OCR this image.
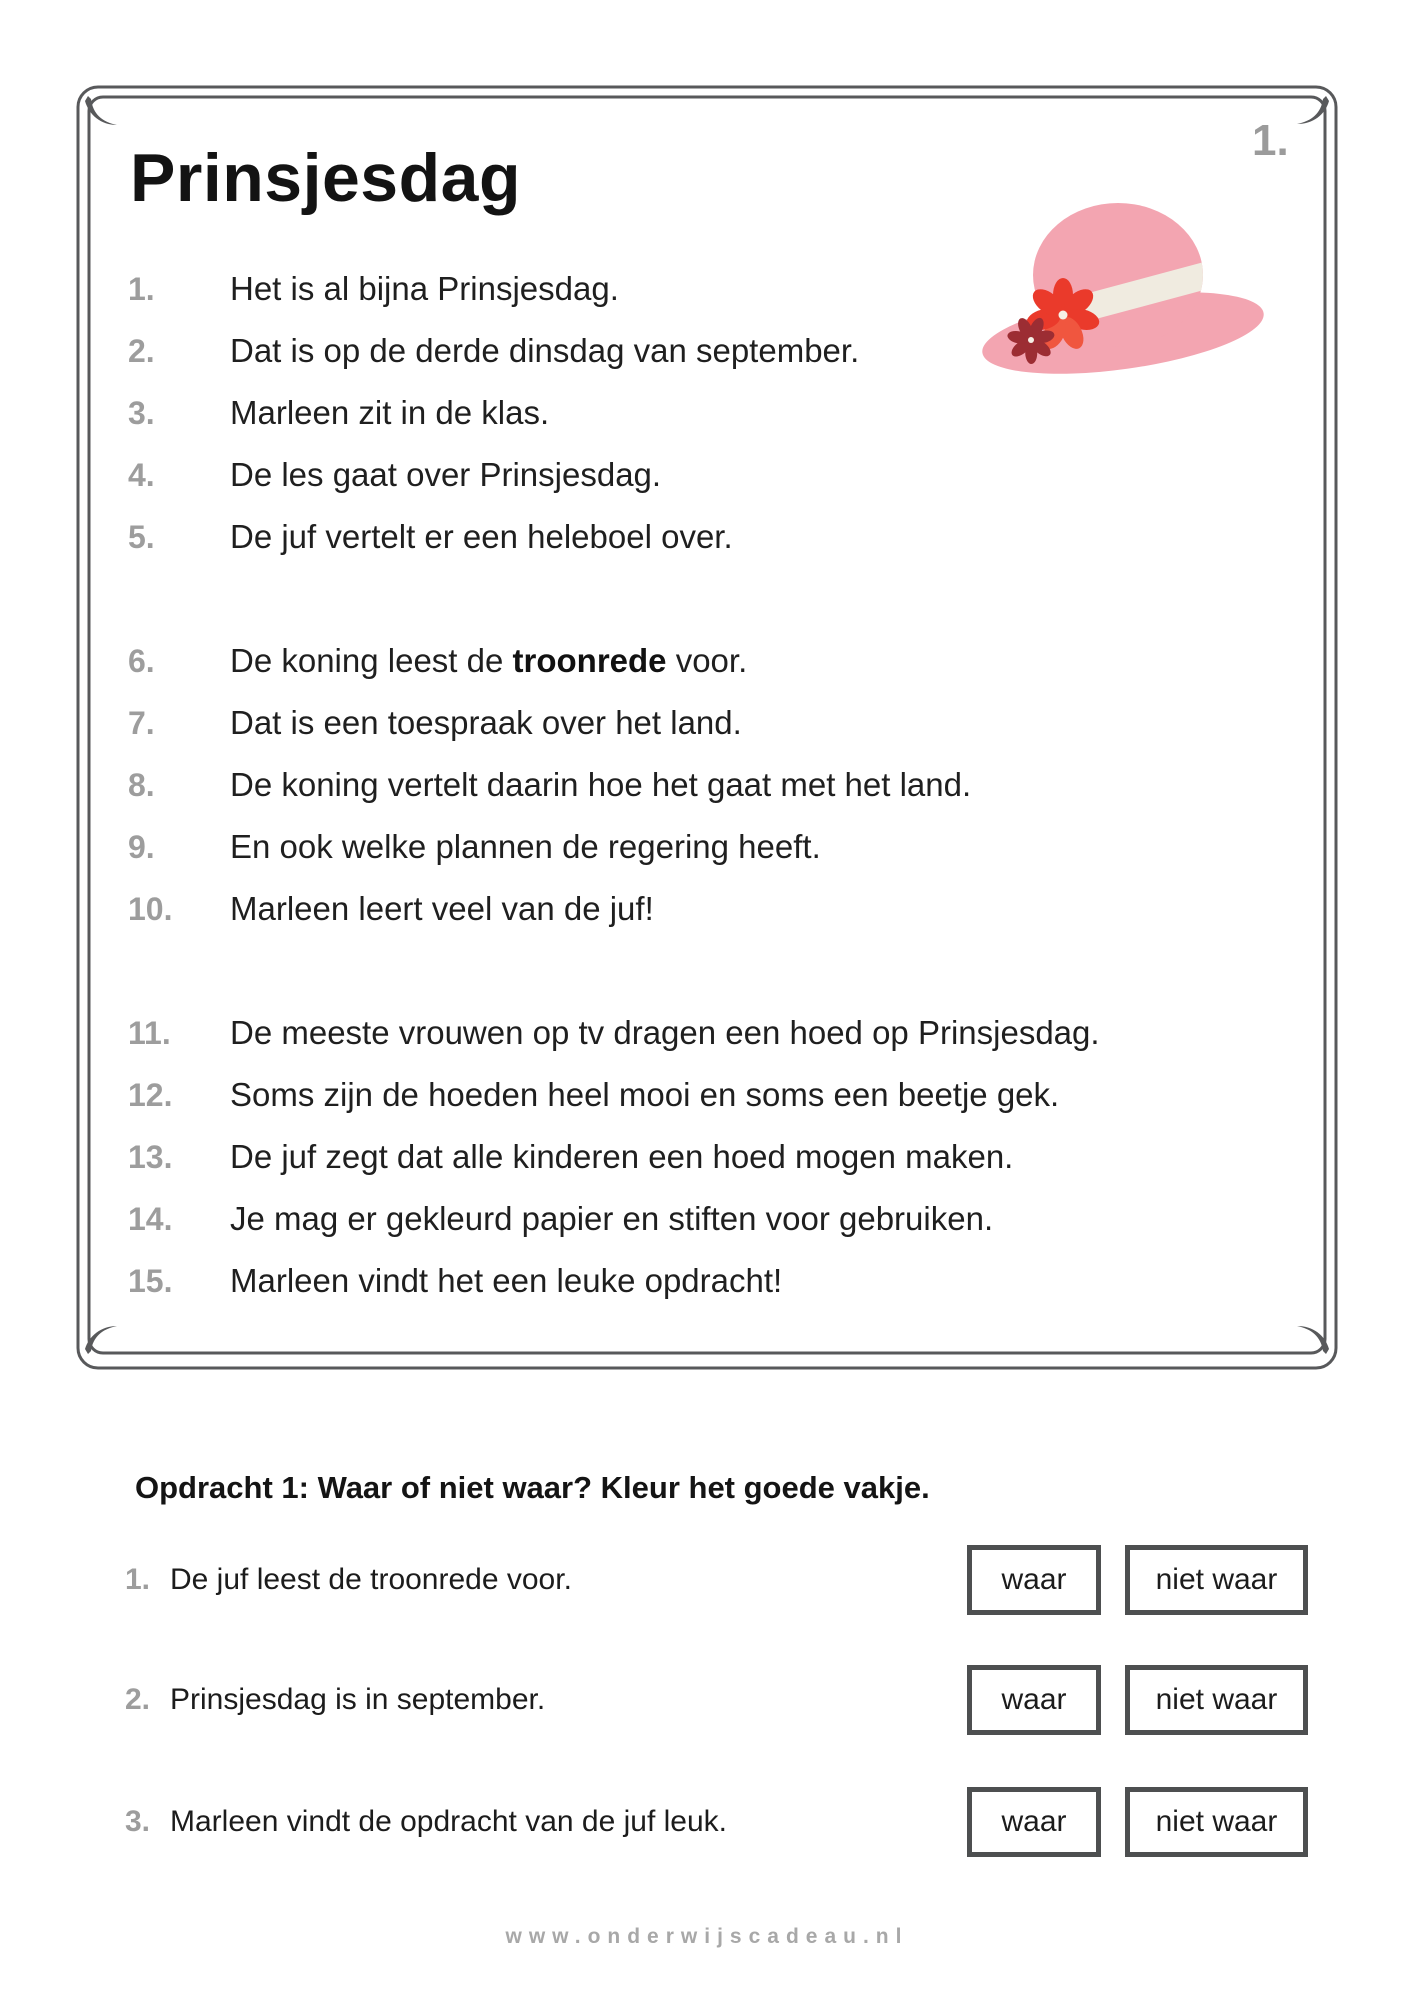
1.
Prinsjesdag
1.	Het is al bijna Prinsjesdag.
2.	Dat is op de derde dinsdag van september.
3.	Marleen zit in de klas.
4.	De les gaat over Prinsjesdag.
5.	De juf vertelt er een heleboel over.
6.	De koning leest de troonrede voor.
7.	Dat is een toespraak over het land.
8.	De koning vertelt daarin hoe het gaat met het land.
9.	En ook welke plannen de regering heeft.
10.	Marleen leert veel van de juf!
11.	De meeste vrouwen op tv dragen een hoed op Prinsjesdag.
12.	Soms zijn de hoeden heel mooi en soms een beetje gek.
13.	De juf zegt dat alle kinderen een hoed mogen maken.
14.	Je mag er gekleurd papier en stiften voor gebruiken.
15.	Marleen vindt het een leuke opdracht!
Opdracht 1: Waar of niet waar? Kleur het goede vakje.
1. De juf leest de troonrede voor.	waar	niet waar
2. Prinsjesdag is in september.	waar	niet waar
3. Marleen vindt de opdracht van de juf leuk.	waar	niet waar
www.onderwijscadeau.nl
